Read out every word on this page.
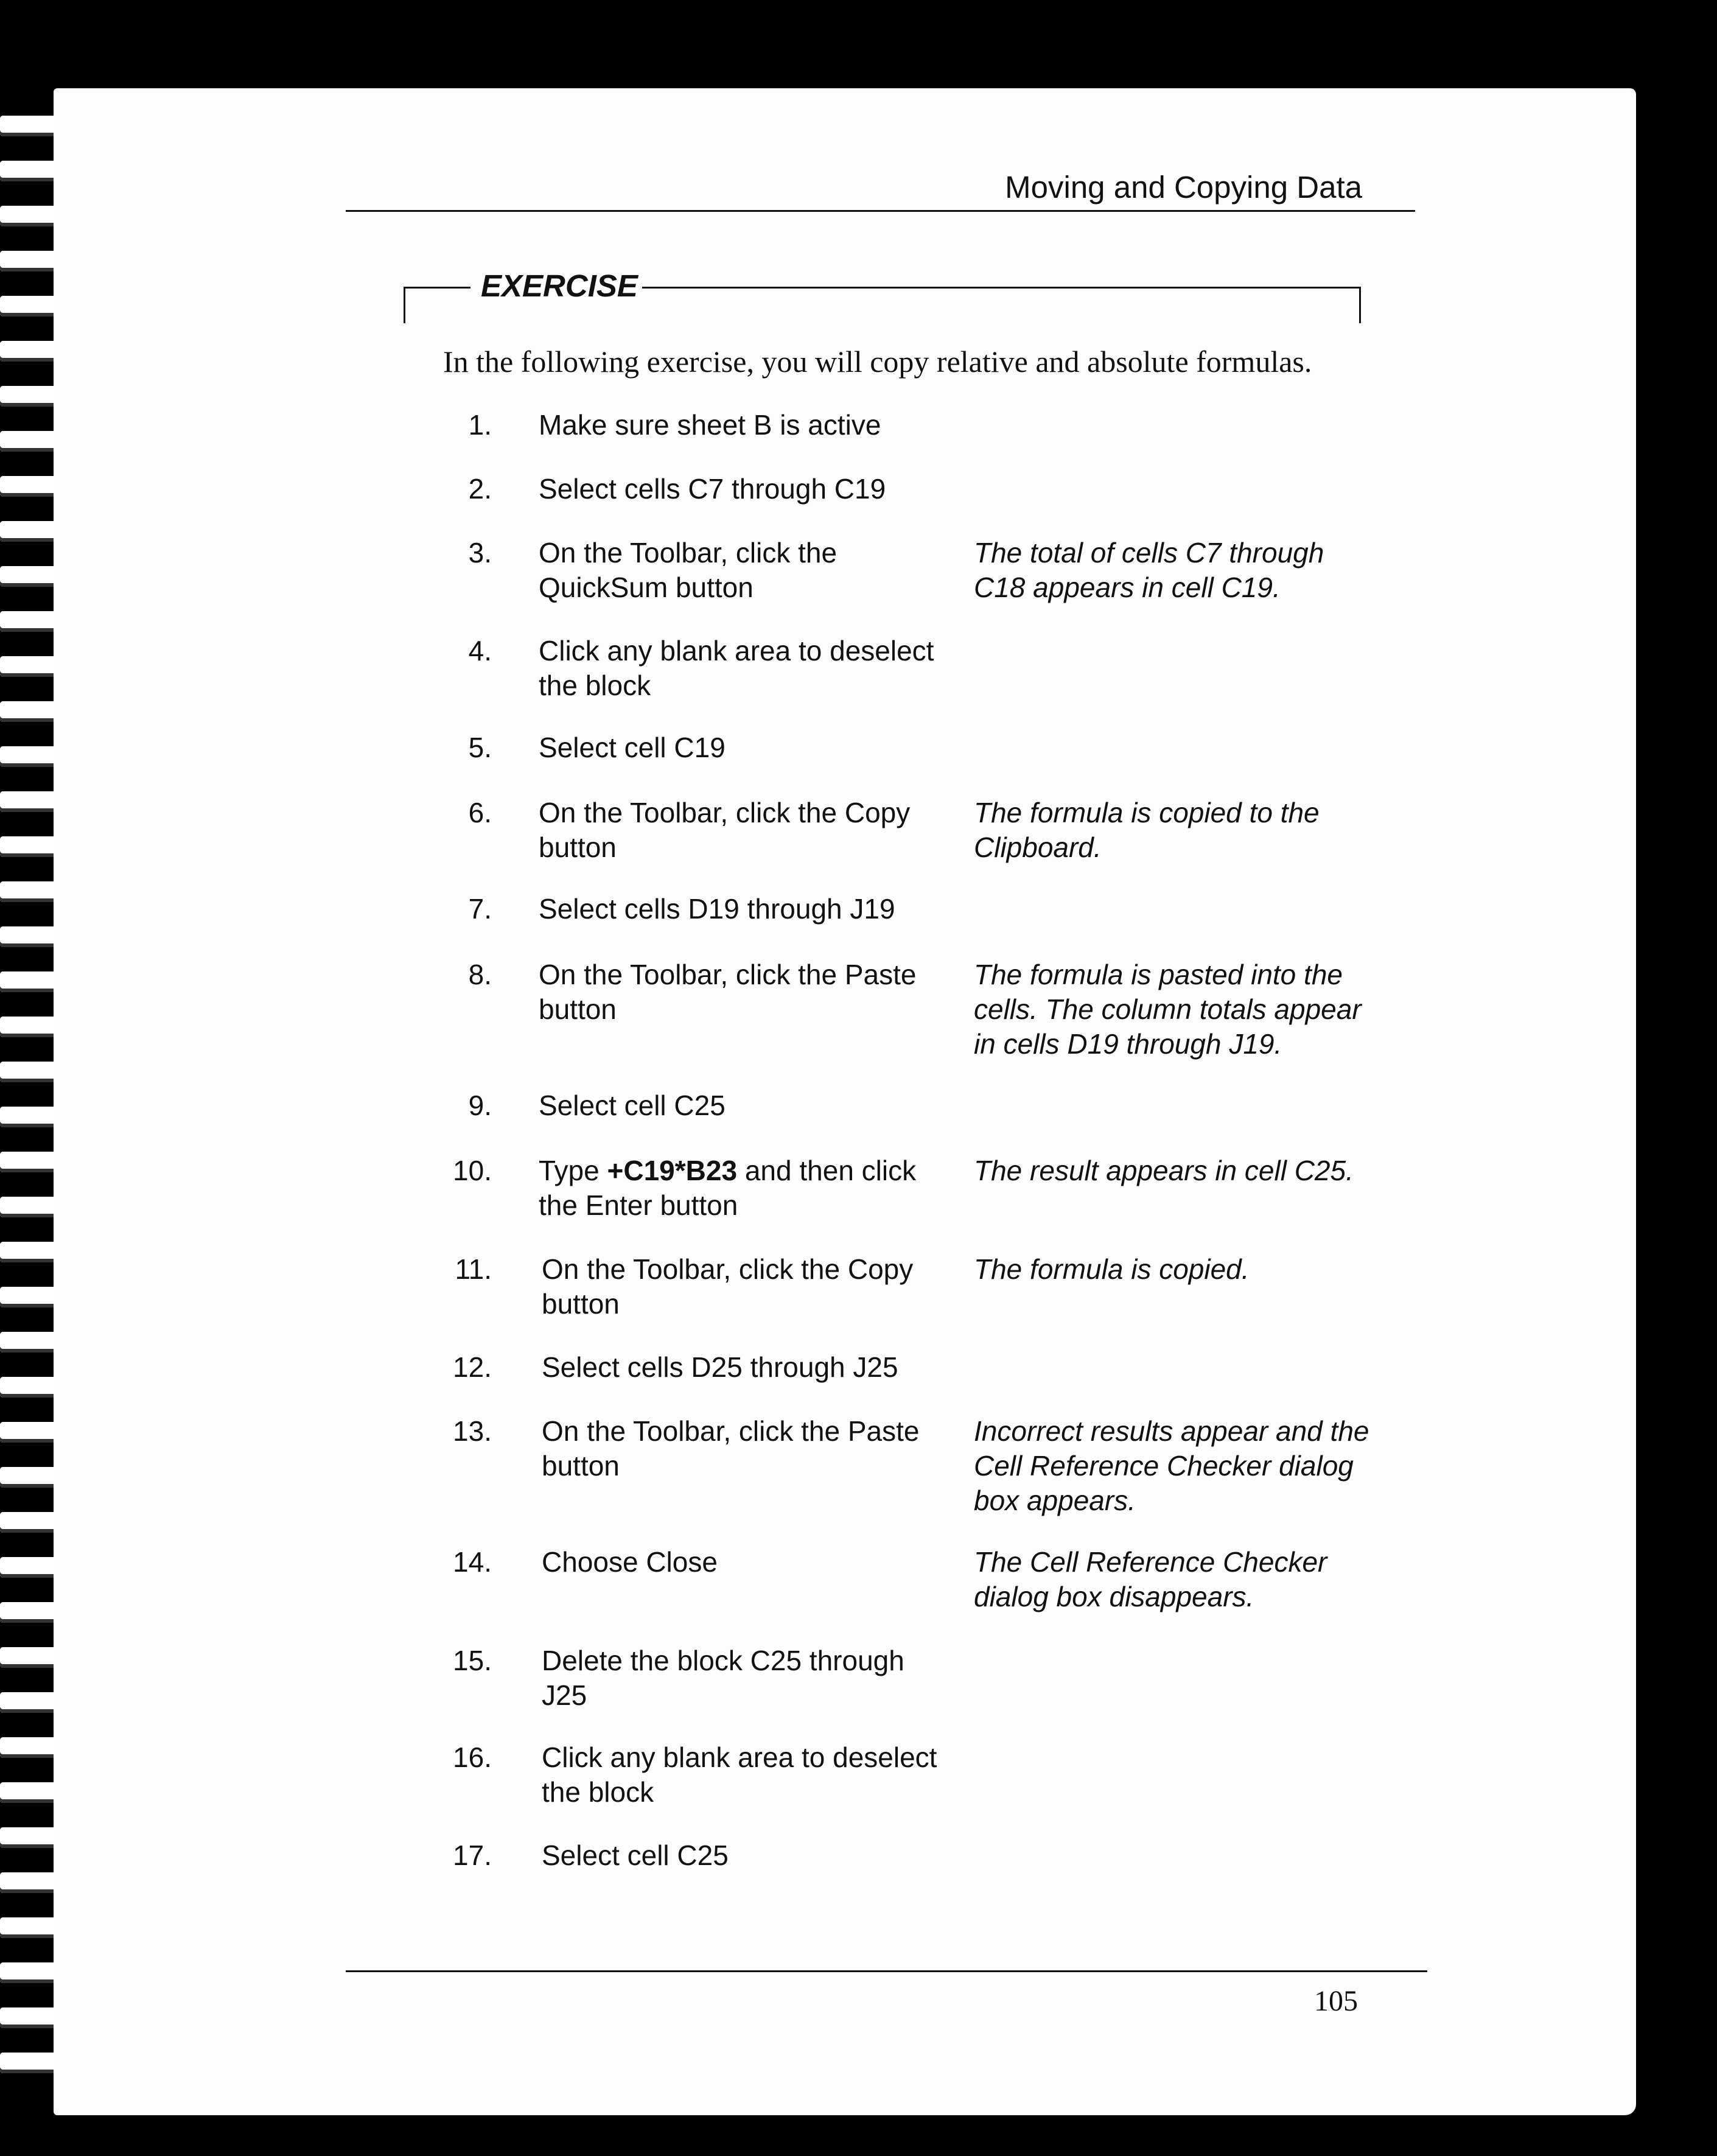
Moving and Copying Data
EXERCISE
In the following exercise, you will copy relative and absolute formulas.
1. Make sure sheet B is active
2. Select cells C7 through C19
3. On the Toolbar, click the
QuickSum button
The total of cells C7 through
C18 appears in cell C19.
4. Click any blank area to deselect
the block
5. Select cell C19
6. On the Toolbar, click the Copy
button
The formula is copied to the
Clipboard.
7. Select cells D19 through J19
8. On the Toolbar, click the Paste
button
The formula is pasted into the
cells. The column totals appear
in cells D19 through J19.
9. Select cell C25
10. Type +C19*B23 and then click
the Enter button
The result appears in cell C25.
11. On the Toolbar, click the Copy
button
The formula is copied.
12. Select cells D25 through J25
13. On the Toolbar, click the Paste
button
Incorrect results appear and the
Cell Reference Checker dialog
box appears.
14. Choose Close	The Cell Reference Checker
dialog box disappears.
15. Delete the block C25 through
J25
16. Click any blank area to deselect
the block
17. Select cell C25
105
